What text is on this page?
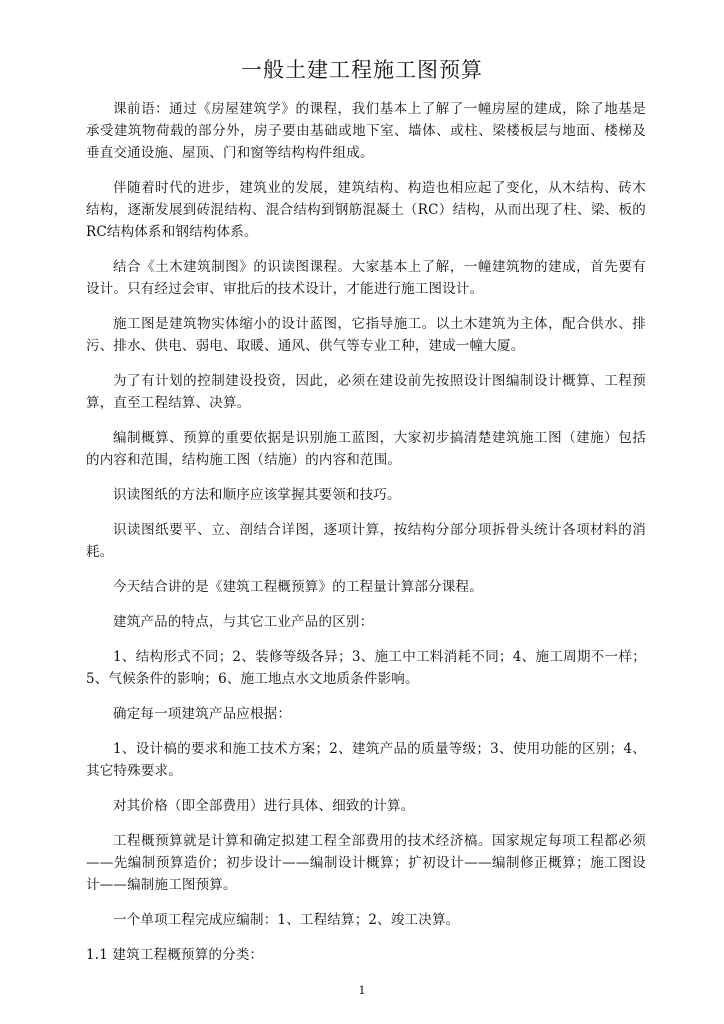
一般土建工程施工图预算

课前语：通过《房屋建筑学》的课程，我们基本上了解了一幢房屋的建成，除了地基是承受建筑物荷载的部分外，房子要由基础或地下室、墙体、或柱、梁楼板层与地面、楼梯及垂直交通设施、屋顶、门和窗等结构构件组成。

伴随着时代的进步，建筑业的发展，建筑结构、构造也相应起了变化，从木结构、砖木结构，逐渐发展到砖混结构、混合结构到钢筋混凝土（RC）结构，从而出现了柱、梁、板的RC结构体系和钢结构体系。

结合《土木建筑制图》的识读图课程。大家基本上了解，一幢建筑物的建成，首先要有设计。只有经过会审、审批后的技术设计，才能进行施工图设计。

施工图是建筑物实体缩小的设计蓝图，它指导施工。以土木建筑为主体，配合供水、排污、排水、供电、弱电、取暖、通风、供气等专业工种，建成一幢大厦。

为了有计划的控制建设投资，因此，必须在建设前先按照设计图编制设计概算、工程预算，直至工程结算、决算。

编制概算、预算的重要依据是识别施工蓝图，大家初步搞清楚建筑施工图（建施）包括的内容和范围，结构施工图（结施）的内容和范围。

识读图纸的方法和顺序应该掌握其要领和技巧。

识读图纸要平、立、剖结合详图，逐项计算，按结构分部分项拆骨头统计各项材料的消耗。

今天结合讲的是《建筑工程概预算》的工程量计算部分课程。

建筑产品的特点，与其它工业产品的区别：

1、结构形式不同；2、装修等级各异；3、施工中工料消耗不同；4、施工周期不一样；5、气候条件的影响；6、施工地点水文地质条件影响。

确定每一项建筑产品应根据：

1、设计槁的要求和施工技术方案；2、建筑产品的质量等级；3、使用功能的区别；4、其它特殊要求。

对其价格（即全部费用）进行具体、细致的计算。

工程概预算就是计算和确定拟建工程全部费用的技术经济槁。国家规定每项工程都必须——先编制预算造价；初步设计——编制设计概算；扩初设计——编制修正概算；施工图设计——编制施工图预算。

一个单项工程完成应编制：1、工程结算；2、竣工决算。

1.1 建筑工程概预算的分类：

1
